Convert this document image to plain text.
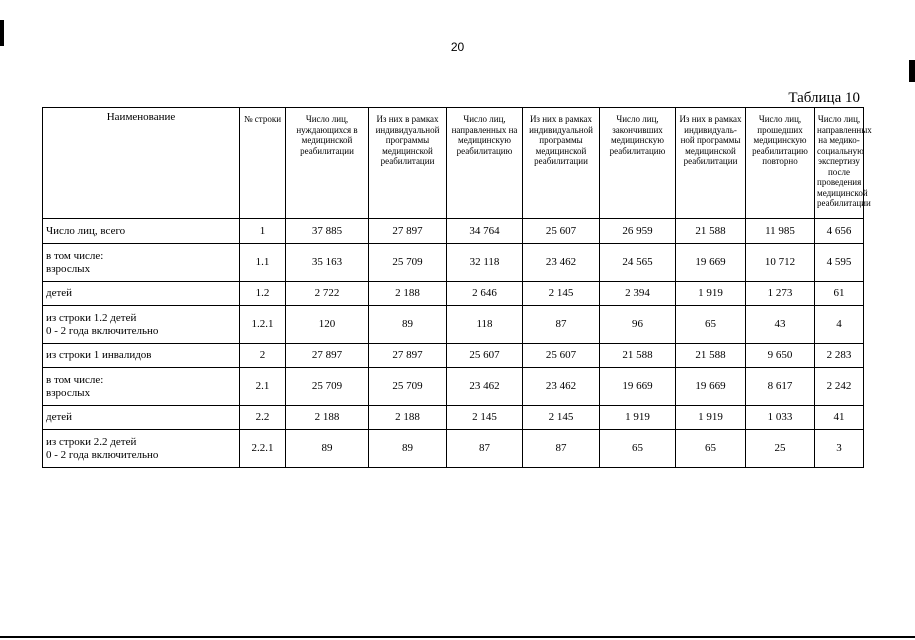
20
Таблица 10
Наименование	№ строки	Число лиц, нуждающихся в медицинской реабилитации	Из них в рамках индивидуальной программы медицинской реабилитации	Число лиц, направленных на медицинскую реабилитацию	Из них в рамках индивидуальной программы медицинской реабилитации	Число лиц, закончивших медицинскую реабилитацию	Из них в рамках индивидуаль-ной программы медицинской реабилитации	Число лиц, прошедших медицинскую реабилитацию повторно	Число лиц, направленных на медико-социальную экспертизу после проведения медицинской реабилитации

Число лиц, всего	1	37 885	27 897	34 764	25 607	26 959	21 588	11 985	4 656

в том числе:
взрослых	1.1	35 163	25 709	32 118	23 462	24 565	19 669	10 712	4 595

детей	1.2	2 722	2 188	2 646	2 145	2 394	1 919	1 273	61

из строки 1.2 детей
0 - 2 года включительно	1.2.1	120	89	118	87	96	65	43	4

из строки 1 инвалидов	2	27 897	27 897	25 607	25 607	21 588	21 588	9 650	2 283

в том числе:
взрослых	2.1	25 709	25 709	23 462	23 462	19 669	19 669	8 617	2 242

детей	2.2	2 188	2 188	2 145	2 145	1 919	1 919	1 033	41

из строки 2.2 детей
0 - 2 года включительно	2.2.1	89	89	87	87	65	65	25	3
